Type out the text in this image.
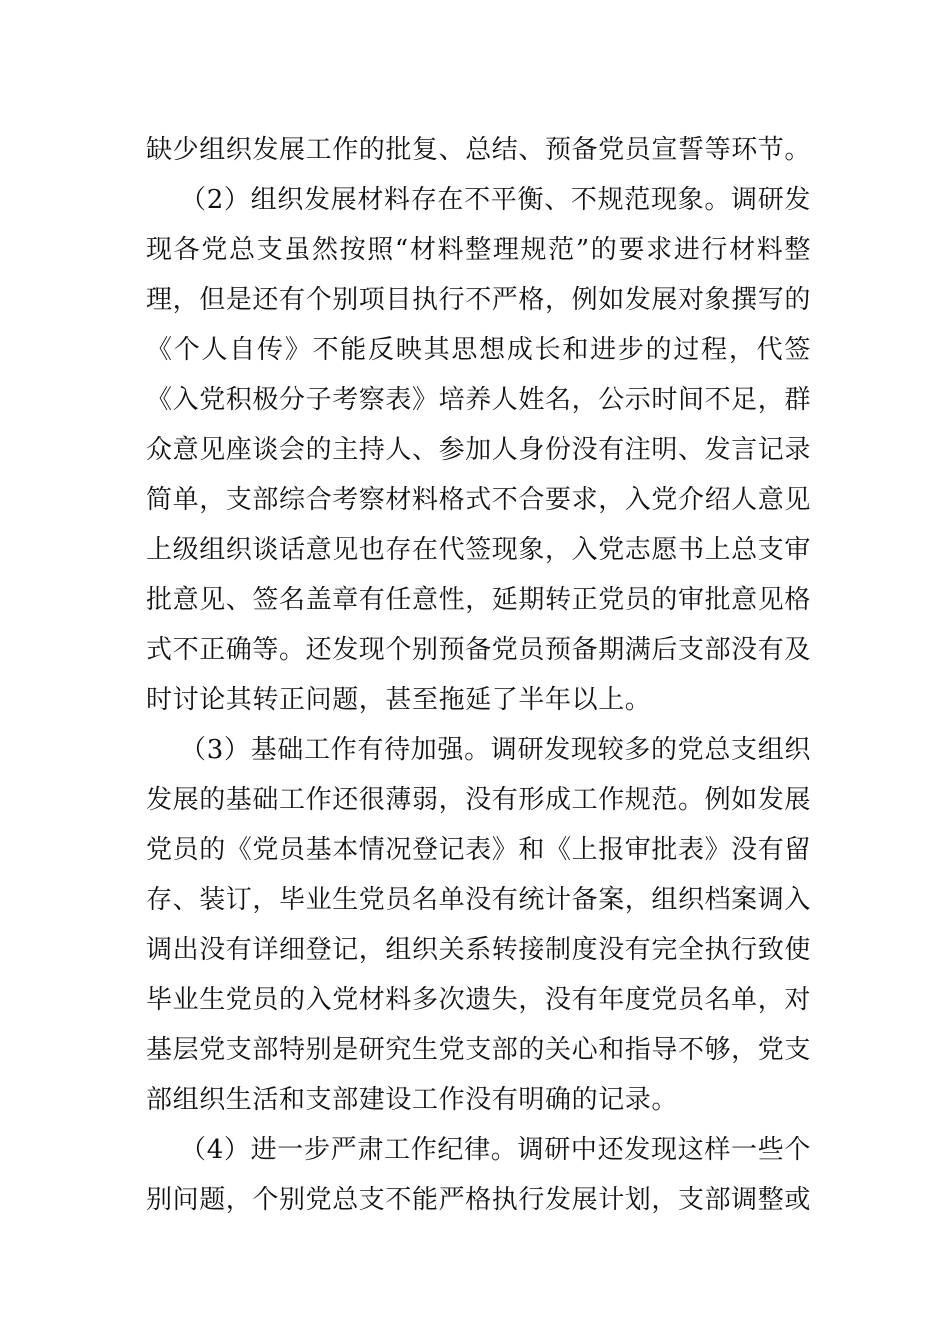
缺少组织发展工作的批复、总结、预备党员宣誓等环节。
（2）组织发展材料存在不平衡、不规范现象。调研发
现各党总支虽然按照“材料整理规范”的要求进行材料整
理，但是还有个别项目执行不严格，例如发展对象撰写的
《个人自传》不能反映其思想成长和进步的过程，代签
《入党积极分子考察表》培养人姓名，公示时间不足，群
众意见座谈会的主持人、参加人身份没有注明、发言记录
简单，支部综合考察材料格式不合要求，入党介绍人意见
上级组织谈话意见也存在代签现象，入党志愿书上总支审
批意见、签名盖章有任意性，延期转正党员的审批意见格
式不正确等。还发现个别预备党员预备期满后支部没有及
时讨论其转正问题，甚至拖延了半年以上。
（3）基础工作有待加强。调研发现较多的党总支组织
发展的基础工作还很薄弱，没有形成工作规范。例如发展
党员的《党员基本情况登记表》和《上报审批表》没有留
存、装订，毕业生党员名单没有统计备案，组织档案调入
调出没有详细登记，组织关系转接制度没有完全执行致使
毕业生党员的入党材料多次遗失，没有年度党员名单，对
基层党支部特别是研究生党支部的关心和指导不够，党支
部组织生活和支部建设工作没有明确的记录。
（4）进一步严肃工作纪律。调研中还发现这样一些个
别问题，个别党总支不能严格执行发展计划，支部调整或
